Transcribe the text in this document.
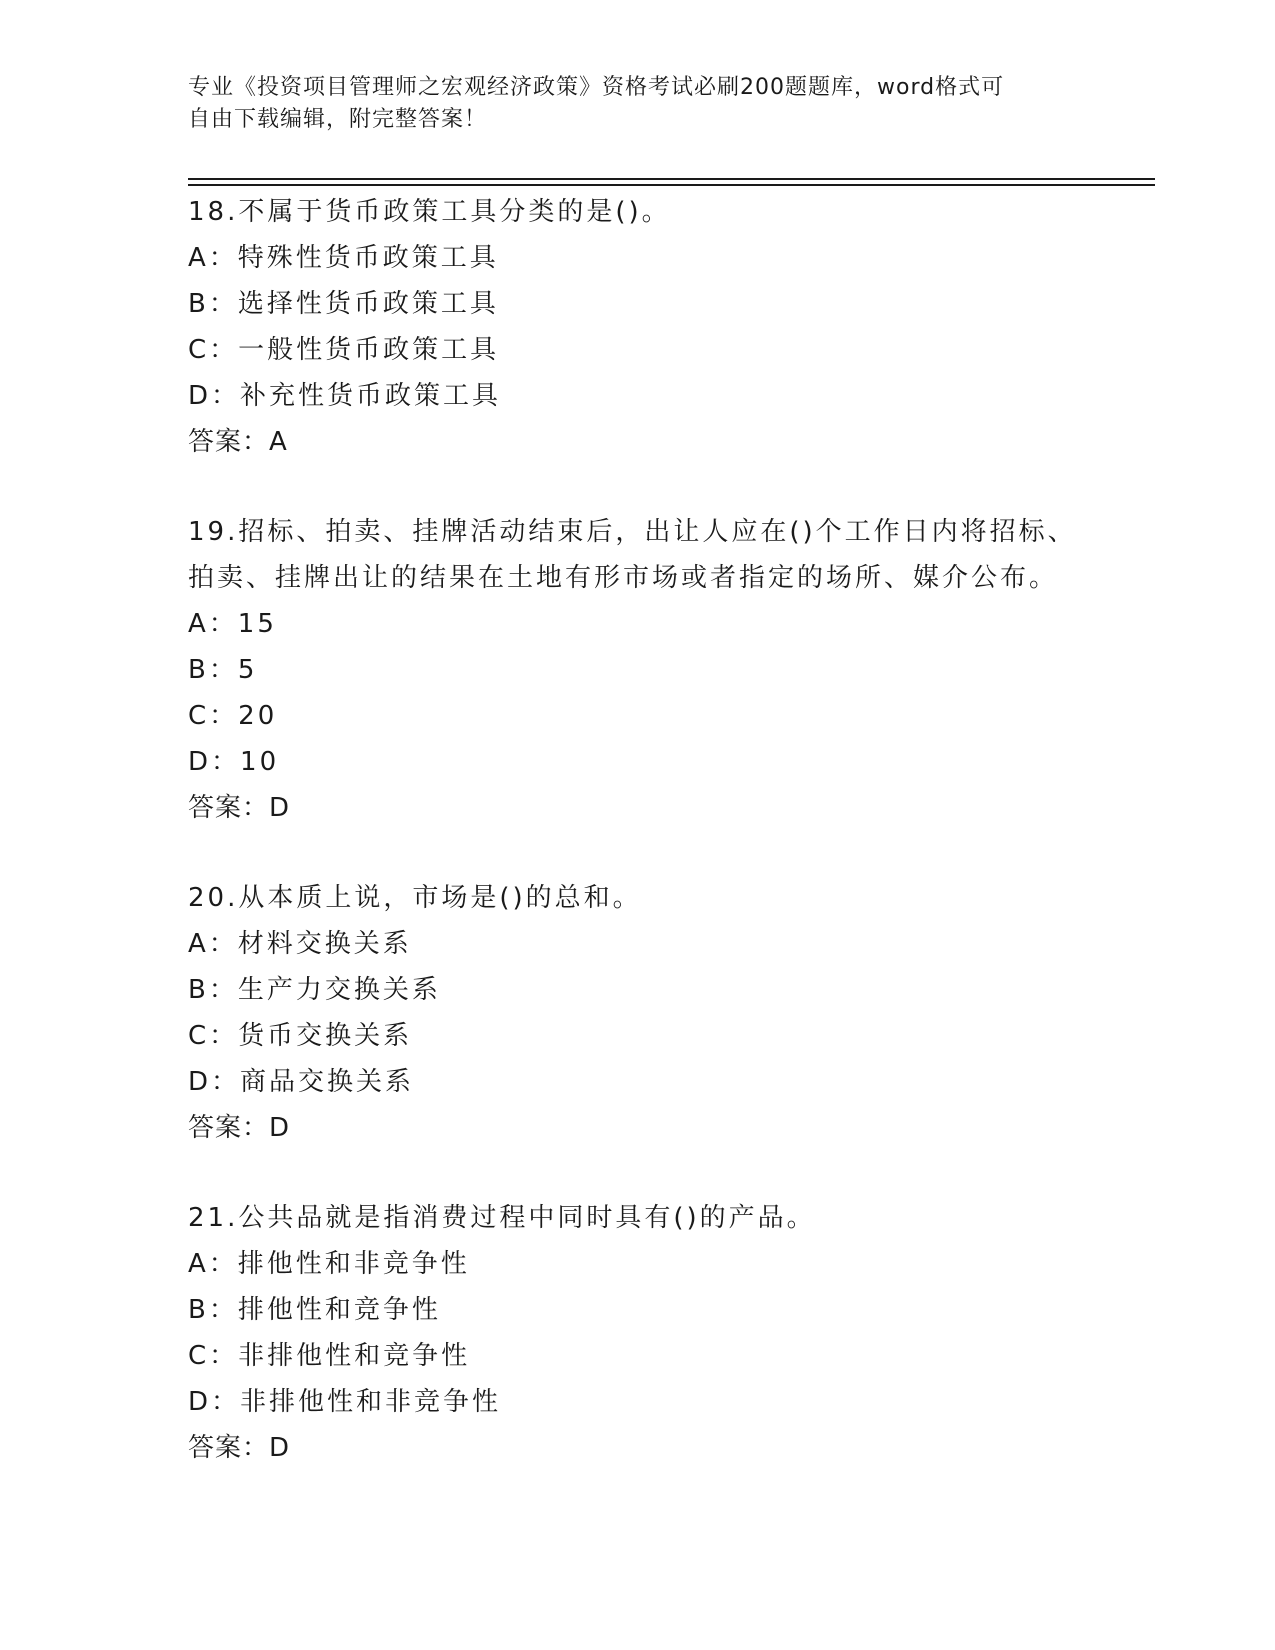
专业《投资项目管理师之宏观经济政策》资格考试必刷200题题库，word格式可
自由下载编辑，附完整答案！
18.不属于货币政策工具分类的是()。
A：特殊性货币政策工具
B：选择性货币政策工具
C：一般性货币政策工具
D：补充性货币政策工具
答案：A
19.招标、拍卖、挂牌活动结束后，出让人应在()个工作日内将招标、
拍卖、挂牌出让的结果在土地有形市场或者指定的场所、媒介公布。
A：15
B：5
C：20
D：10
答案：D
20.从本质上说，市场是()的总和。
A：材料交换关系
B：生产力交换关系
C：货币交换关系
D：商品交换关系
答案：D
21.公共品就是指消费过程中同时具有()的产品。
A：排他性和非竞争性
B：排他性和竞争性
C：非排他性和竞争性
D：非排他性和非竞争性
答案：D
